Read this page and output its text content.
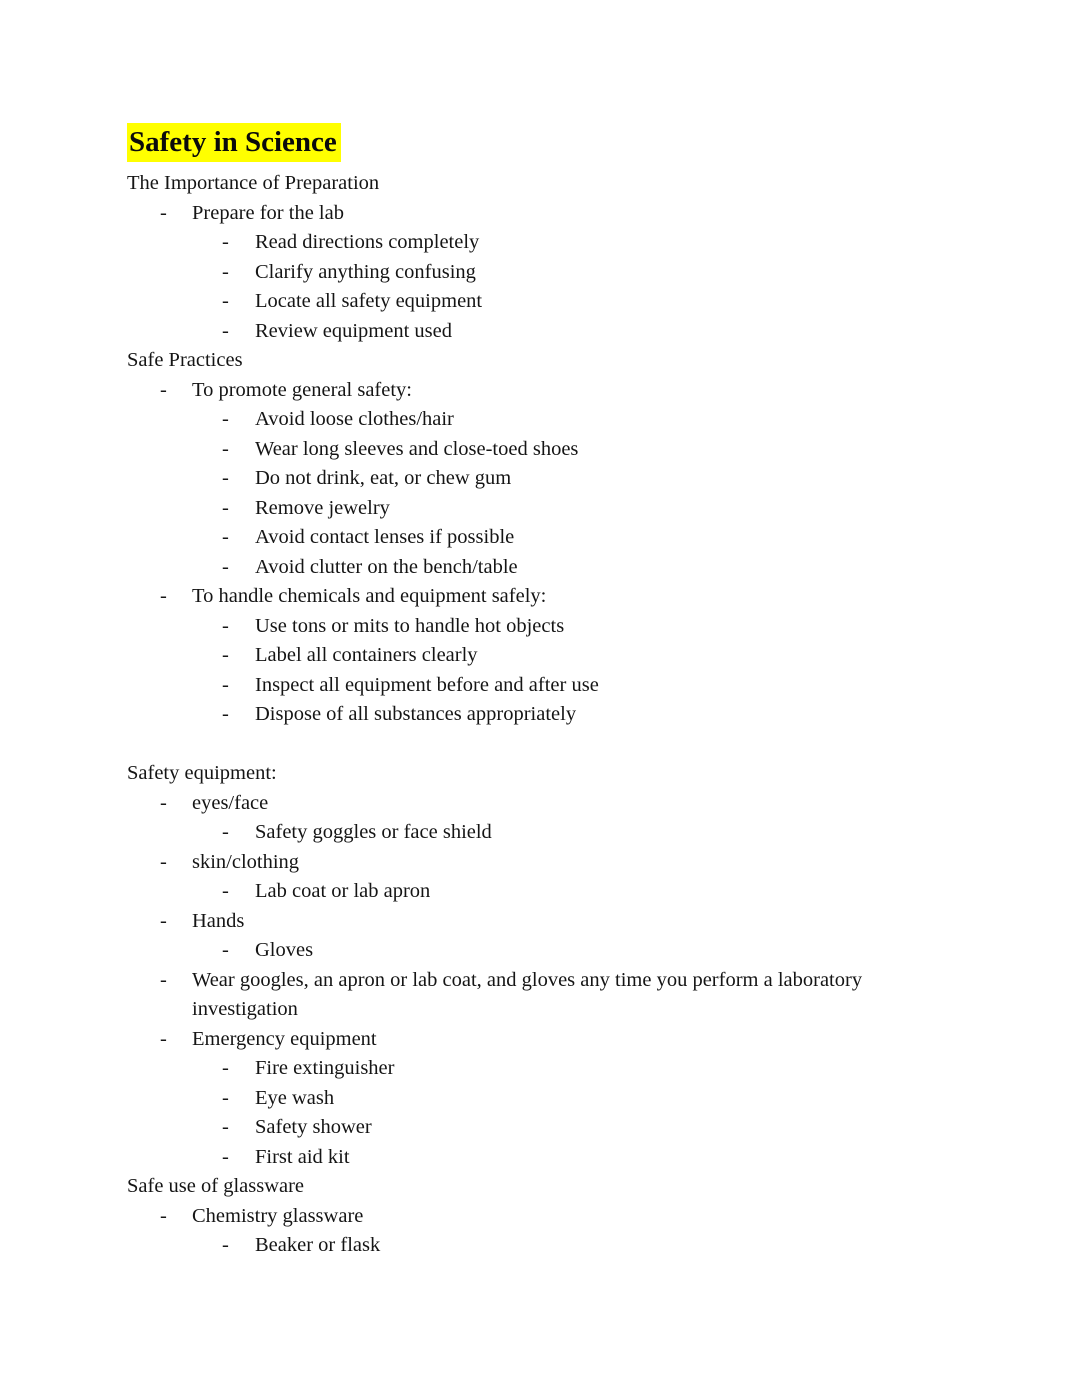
Safety in Science
The Importance of Preparation
-	Prepare for the lab
-	Read directions completely
-	Clarify anything confusing
-	Locate all safety equipment
-	Review equipment used
Safe Practices
-	To promote general safety:
-	Avoid loose clothes/hair
-	Wear long sleeves and close-toed shoes
-	Do not drink, eat, or chew gum
-	Remove jewelry
-	Avoid contact lenses if possible
-	Avoid clutter on the bench/table
-	To handle chemicals and equipment safely:
-	Use tons or mits to handle hot objects
-	Label all containers clearly
-	Inspect all equipment before and after use
-	Dispose of all substances appropriately
Safety equipment:
-	eyes/face
-	Safety goggles or face shield
-	skin/clothing
-	Lab coat or lab apron
-	Hands
-	Gloves
-	Wear googles, an apron or lab coat, and gloves any time you perform a laboratory investigation
-	Emergency equipment
-	Fire extinguisher
-	Eye wash
-	Safety shower
-	First aid kit
Safe use of glassware
-	Chemistry glassware
-	Beaker or flask
